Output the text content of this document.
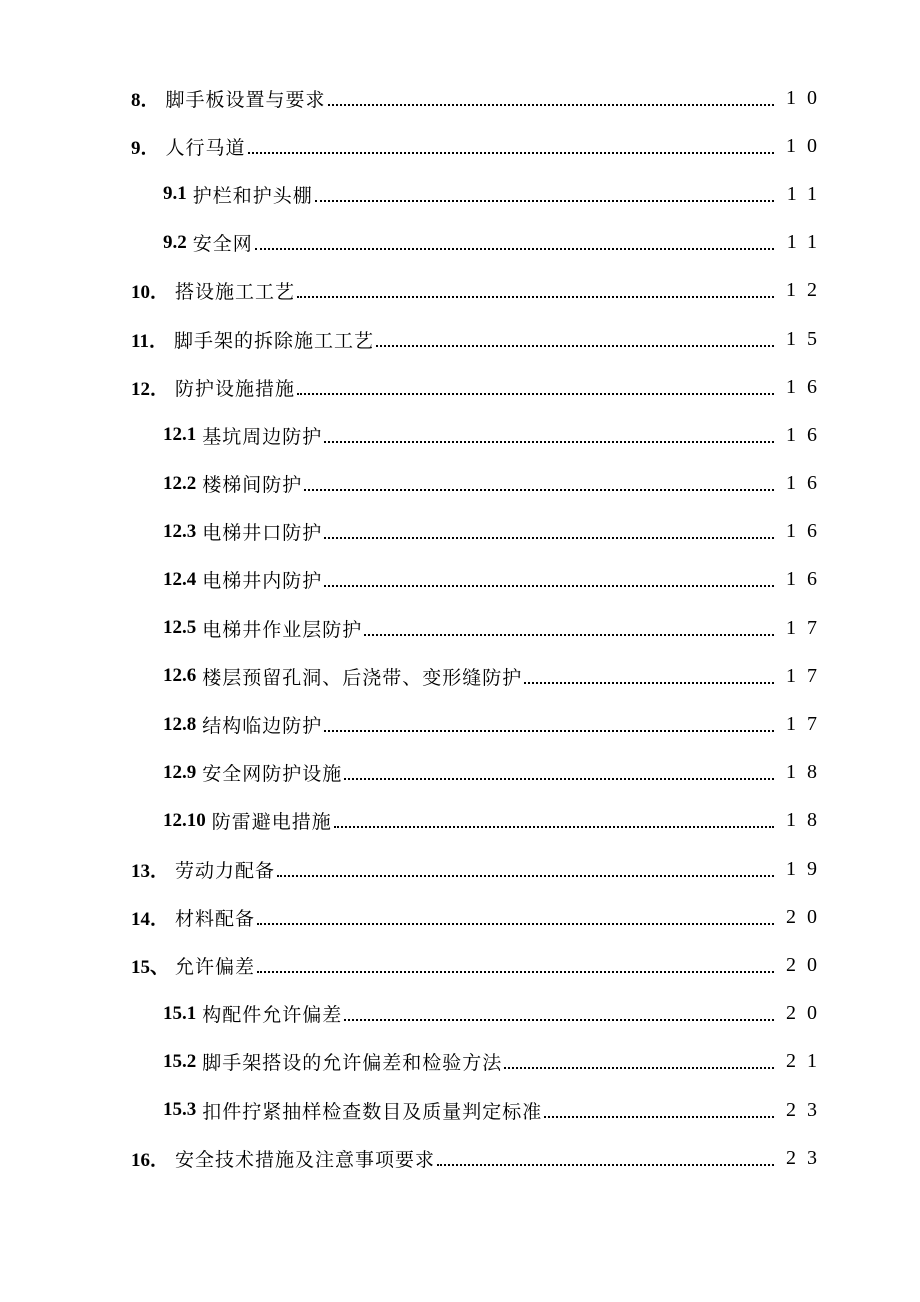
8． 脚手板设置与要求	10
9． 人行马道	10
9.1 护栏和护头棚	11
9.2 安全网	11
10． 搭设施工工艺	12
11． 脚手架的拆除施工工艺	15
12． 防护设施措施	16
12.1 基坑周边防护	16
12.2 楼梯间防护	16
12.3 电梯井口防护	16
12.4 电梯井内防护	16
12.5 电梯井作业层防护	17
12.6 楼层预留孔洞、后浇带、变形缝防护	17
12.8 结构临边防护	17
12.9 安全网防护设施	18
12.10 防雷避电措施	18
13． 劳动力配备	19
14． 材料配备	20
15、 允许偏差	20
15.1 构配件允许偏差	20
15.2 脚手架搭设的允许偏差和检验方法	21
15.3 扣件拧紧抽样检查数目及质量判定标准	23
16． 安全技术措施及注意事项要求	23
